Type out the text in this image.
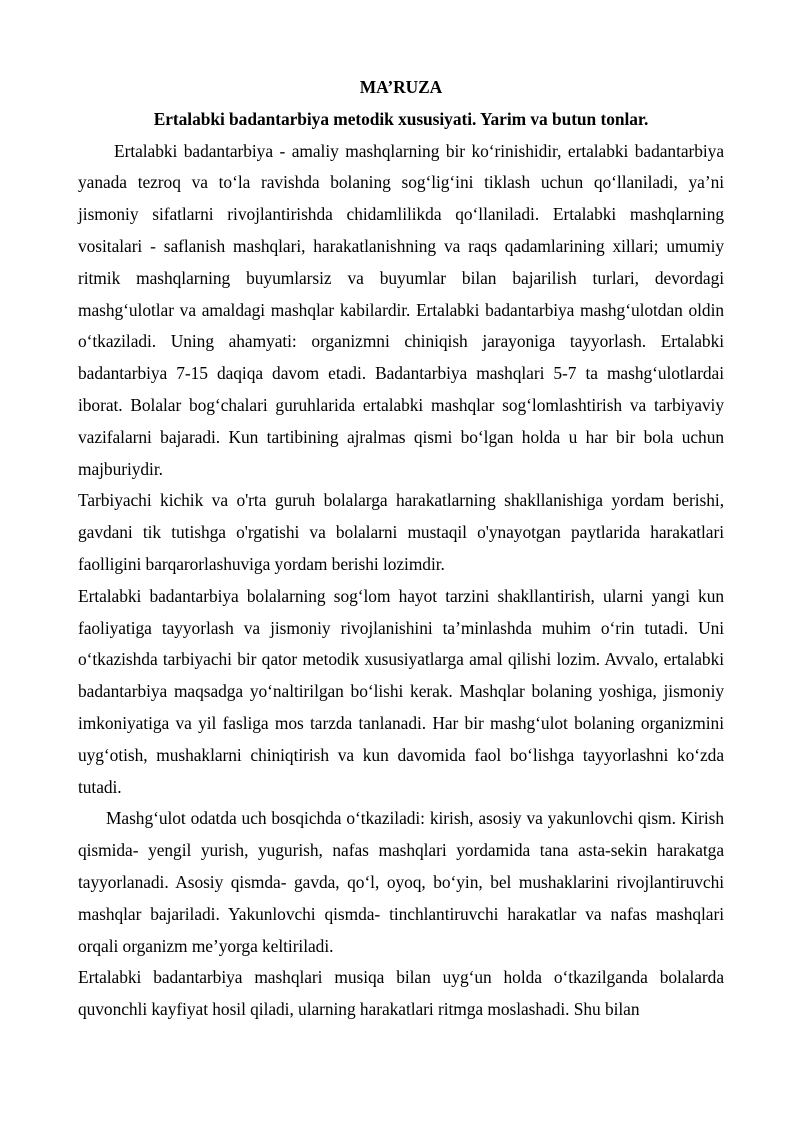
MA’RUZA

Ertalabki badantarbiya metodik xususiyati. Yarim va butun tonlar.

Ertalabki badantarbiya - amaliy mashqlarning bir ko‘rinishidir, ertalabki badantarbiya yanada tezroq va to‘la ravishda bolaning sog‘lig‘ini tiklash uchun qo‘llaniladi, ya’ni jismoniy sifatlarni rivojlantirishda chidamlilikda qo‘llaniladi. Ertalabki mashqlarning vositalari - saflanish mashqlari, harakatlanishning va raqs qadamlarining xillari; umumiy ritmik mashqlarning buyumlarsiz va buyumlar bilan bajarilish turlari, devordagi mashg‘ulotlar va amaldagi mashqlar kabilardir. Ertalabki badantarbiya mashg‘ulotdan oldin o‘tkaziladi. Uning ahamyati: organizmni chiniqish jarayoniga tayyorlash. Ertalabki badantarbiya 7-15 daqiqa davom etadi. Badantarbiya mashqlari 5-7 ta mashg‘ulotlardai iborat. Bolalar bog‘chalari guruhlarida ertalabki mashqlar sog‘lomlashtirish va tarbiyaviy vazifalarni bajaradi. Kun tartibining ajralmas qismi bo‘lgan holda u har bir bola uchun majburiydir.

Tarbiyachi kichik va o'rta guruh bolalarga harakatlarning shakllanishiga yordam berishi, gavdani tik tutishga o'rgatishi va bolalarni mustaqil o'ynayotgan paytlarida harakatlari faolligini barqarorlashuviga yordam berishi lozimdir.

Ertalabki badantarbiya bolalarning sog‘lom hayot tarzini shakllantirish, ularni yangi kun faoliyatiga tayyorlash va jismoniy rivojlanishini ta’minlashda muhim o‘rin tutadi. Uni o‘tkazishda tarbiyachi bir qator metodik xususiyatlarga amal qilishi lozim. Avvalo, ertalabki badantarbiya maqsadga yo‘naltirilgan bo‘lishi kerak. Mashqlar bolaning yoshiga, jismoniy imkoniyatiga va yil fasliga mos tarzda tanlanadi. Har bir mashg‘ulot bolaning organizmini uyg‘otish, mushaklarni chiniqtirish va kun davomida faol bo‘lishga tayyorlashni ko‘zda tutadi.

Mashg‘ulot odatda uch bosqichda o‘tkaziladi: kirish, asosiy va yakunlovchi qism. Kirish qismida- yengil yurish, yugurish, nafas mashqlari yordamida tana asta-sekin harakatga tayyorlanadi. Asosiy qismda- gavda, qo‘l, oyoq, bo‘yin, bel mushaklarini rivojlantiruvchi mashqlar bajariladi. Yakunlovchi qismda- tinchlantiruvchi harakatlar va nafas mashqlari orqali organizm me’yorga keltiriladi.

Ertalabki badantarbiya mashqlari musiqa bilan uyg‘un holda o‘tkazilganda bolalarda quvonchli kayfiyat hosil qiladi, ularning harakatlari ritmga moslashadi. Shu bilan
